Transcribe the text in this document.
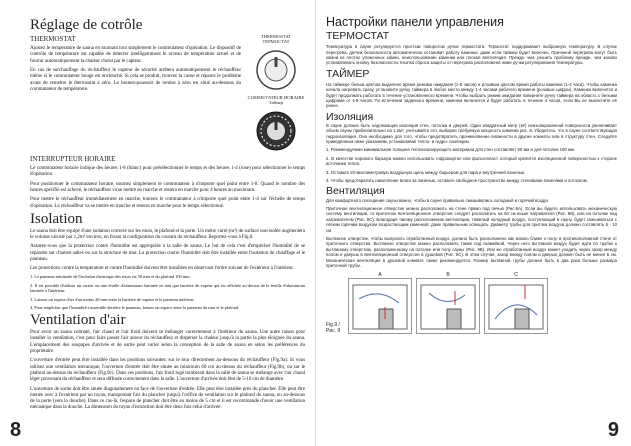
Réglage de cotrôle
THERMOSTAT

Ajustez le température de sauna en tournant tout simplement le commutateur d'opération. Le dispositif de contrôle de température est capable de détecter intelligemment le niveau de température actuel et de fournir automatiquement la chaleur choisi par le capteur.

En cas de surchauffage du réchauffeur le capteur de sécurité arrêtera automatiquement le réchauffeur même si le commutateur bouge est enclenché. Si cela se produit, trouvez la cause et réparez le problème avant de remettre le thermostat à zéro. Le bouton-poussoir de remise à zéro est situé au-dessous du commutateur de température.

THERMOSTAT
ТЕРМОСТАТ
COMMUTATEUR HORAIRE
Таймер
INTERRUPTEUR HORAIRE

Le commutateur horaire indique des heures 1-8 (blanc) pour présélectionner le temps et des heures 1-4 (rose) pour sélectionner le temps d'opération.

Pour positionner le commutateur horaire, tournez simplement le commutateur à n'importe quel point entre 1-8. Quand le nombre des heures spécifié est achevé, le réchauffeur va se mettre en marche et restera en marche pour 4 heures au maximum.

Pour mettre le réchauffeur immédiatement en marche, tournez le commutateur à n'importe quel point entre 1-4 sur l'échelle de temps d'opération. Le réchauffeur va se mettre en marche et restera en marche pour le temps sélectionné.

Isolation

Le sauna doit être équipé d'une isolation correcte sur les murs, le plafond et la porte. Un mètre carré (m²) de surface non-isolée augmentera le volume calculé par 1,2m³ environ, en fixant la configuration du courant du réchauffeur. Reportez-vous à Fig.8.

Assurez-vous que la protection contre l'humidité est appropriée à la salle de sauna. Le but de cela c'est d'empêcher l'humidité de se répandre sur d'autres salles ou sur la structure de mur. La protection contre l'humidité doit être installée entre l'isolation de chauffage et le panneau.

Les protections contre la température et contre l'humidité doivent être installées en observant l'ordre suivant de l'extérieur à l'intérieur.

1. Le panneau minimale de l'isolation thermique des murs est 50 mm et du plafond 100 mm.

2. Il est possible d'utiliser un carton ou une feuille d'aluminium laminée en tant que barrière de vapeur qui est affichée au-dessus de la feuille d'aluminium laminée à l'intérieur.

3. Laissez un espace d'air d'au moins 20 mm entre la barrière de vapeur et le panneau intérieur.

4. Pour empêcher que l'humidité s'assemble derrière le panneau, laissez un espace entre le panneau du mur et le plafond.

Ventilation d'air

Pour avoir un sauna colmaté, l'air chaud et l'air froid doivent se mélanger correctement à l'intérieur du sauna. Une autre raison pour installer la ventilation, c'est pour faire passer l'air autour du réchauffeur et disperser la chaleur jusqu'à la partie la plus éloignée du sauna. L'emplacement des soupapes d'arrivée et de sortie peut varier selon la conception de la salle de sauna en selon les préférences du propriétaire.

L'ouverture d'entrée peut être installée dans les positions suivantes: sur le mur directement au-dessous du réchauffeur (Fig.9a). Si vous utilisez une ventilation mécanique, l'ouverture d'entrée doit être située au minimum 60 cm au-dessus du réchauffeur (Fig.9b), ou sur le plafond au-dessus du réchauffeur (Fig.9c). Dans ces positions, l'air froid logé tomberait dans la salle de sauna se mélange avec l'air chaud léger provenant du réchauffeur et sera diffusée correctement dans la salle. L'ouverture d'arrivée doit être de 5-10 cm de diamètre.

L'ouverture de sortie doit être située diagonalement en face de l'ouverture d'entrée. Elle peut être installée près du plancher. Elle peut être menée avec à l'extérieur par un tuyau, transportant l'air du plancher jusqu'à l'orifice de ventilation sur le plafond du sauna, ou au-dessous de la porte (vers la douche). Dans ce cas-là, l'espace de plancher doit être au moins de 5 cm et il est recommandé d'avoir une ventilation mécanique dans la douche. La dimension du tuyau d'extraction doit être deux fois celui d'arrivée.

8
Настройки панели управления
ТЕРМОСТАТ

Температура в сауне регулируется простым поворотом ручки термостата. Термостат поддерживает выбранную температуру. В случае перегрева, датчик безопасности автоматически остановит работу каменки, даже если таймер будет включен. Причиной перегрева могут быть камни из плотно уложенных камни, неиспользование каменки или плохая вентиляция. Прежде чем, решить проблему прежде, чем заново устанавливать кнопку безопасности. Кнопка сброса защиты от перегрева расположена ниже ручки регулирования температуры.

ТАЙМЕР

На таймере белым цветом выделено время режима ожидания (1-8 часов) и розовым цветом время работы каменки (1-4 часа). Чтобы каменка начала нагревать сразу, установите ручку таймера в любое место между 1-4 часами рабочего времени (розовые цифры). Каменка включится и будет продолжать работать в течение установленного времени. Чтобы выбрать режим ожидания поверните ручку таймера на область с белыми цифрами от 1-8 часов. По истечении заданного времени, каменка включится и будет работать в течение 4 часов, если Вы ее выключите её ранее.

Изоляция

В сауне должна быть надлежащая изоляция стен, потолка и дверей. Один квадратный метр (м²) неизолированной поверхности увеличивает объем сауны приблизительно на 1,2м³, учитывайте это, выбирая требуемую мощность каменки рис. 8. Убедитесь, что в сауне соответствующая гидроизоляция. Она необходима для того, чтобы предотвратить проникновение влажности в другие комнаты или в структуру стен. Следуйте приведённым ниже указаниям, устанавливая тепло- и гидро- изоляцию.

1. Рекомендуемая минимальная толщина теплоизолирующего материала для стен составляет 50 мм и для потолка 100 мм.

2. В качестве парового барьера можно использовать гофрокартон или фольгопласт, который крепится изоляционной поверхностью к стороне источника тепла.

3. Оставьте 20-миллиметровую воздушную щель между барьером для пара и внутренней панелью.

4. Чтобы предотвратить накопление влаги за панелью, оставьте свободное пространство между стеновыми панелями и потолком.

Вентиляция

Для комфортного посещения сауны важно, чтобы в сауне правильно смешивались холодный и горячий воздух.

Приточное вентиляционное отверстие можно расположить на стене прямо под печью (Рис.9А). Если вы будете использовать механическую систему вентиляции, то приточное вентиляционное отверстие следует располагать на 60 см выше нагревателя (Рис. 9В), или на потолке над нагревателем (Рис. 9С). Благодаря такому расположению вентиляции, тяжёлый холодный воздух, поступающий в сауну, будет смешиваться с лёгким горячим воздухом возрастающим каменкой, даже правильным освещать. Диаметр трубы для притока воздуха должен составлять 5 - 10 см.

Вытяжное отверстие, чтобы выпускать отработанный воздух, должно быть расположено как можно ближе к полу, в противоположной стене от приточного отверстия. Вытяжное отверстие можно расположить также под скамейкой. Через него вытяжной воздух будет идти по трубке к вытяжному отверстию, расположенному на потолке или полу сауны (Рис. 9В). Или же отработанный воздух может уходить через зазор между полом и дверью в вентиляционный отверстие в душевой (Рис. 9С). В этом случае, зазор между полом и дверью должен быть не менее 5 см. Механическая вентиляция в душевой комнате также рекомендуется. Размер вытяжной трубы должен быть в два раза больше размера приточной трубы.

Fig.9 / Рис. 9
A	B	C
9
